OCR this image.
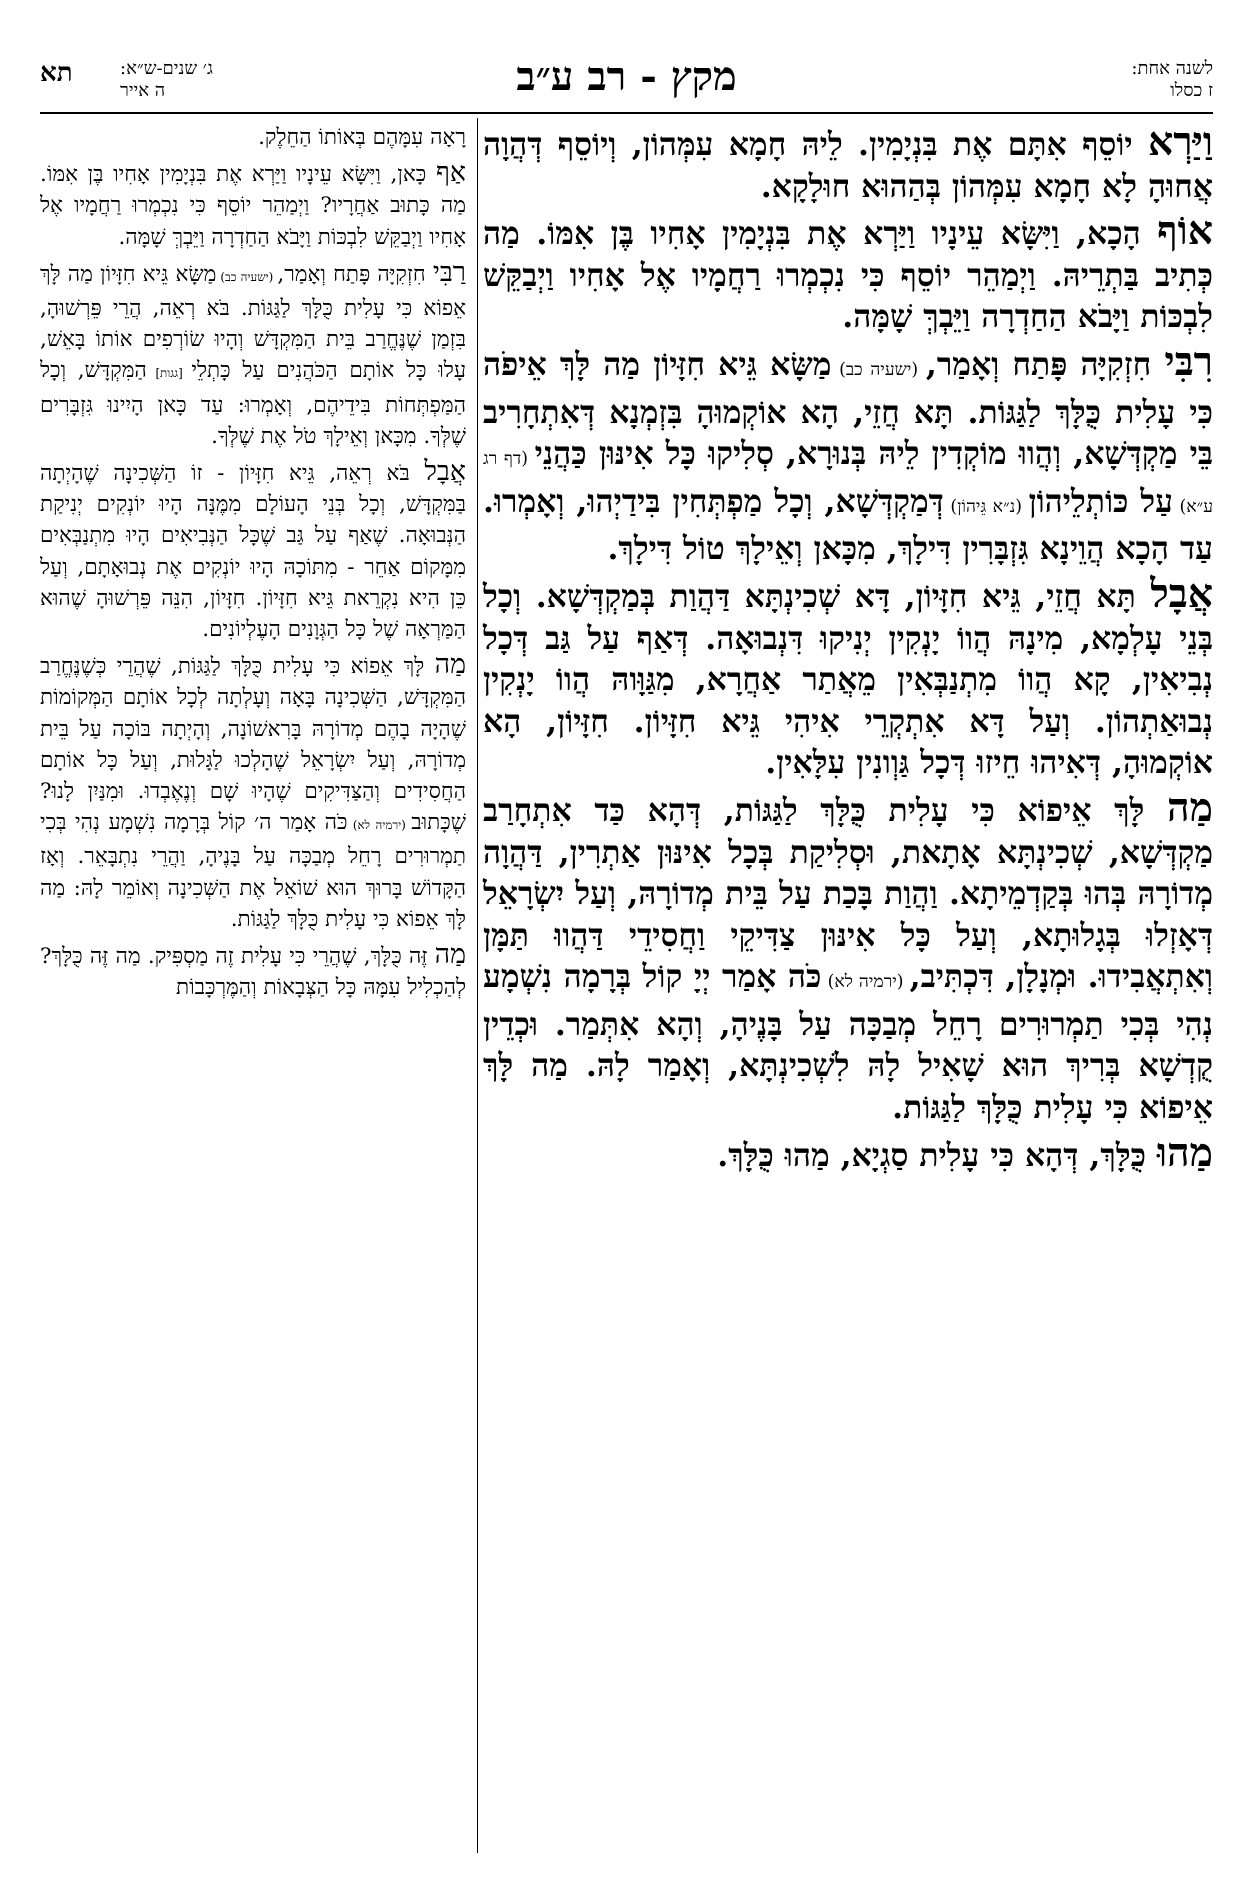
לשנה אחת:
ז כסלו
מקץ - רב ע״ב
ג׳ שנים-ש״א:
ה אייר
תא

וַיַּרְא יוֹסֵף אִתָּם אֶת בִּנְיָמִין. לֵיהּ חָמָא עִמְּהוֹן, וְיוֹסֵף דְּהֲוָה אֲחוּהָ לָא חָמָא עִמְּהוֹן בְּהַהוּא חוּלָקָא.

אוֹף הָכָא, וַיִּשָּׂא עֵינָיו וַיַּרְא אֶת בִּנְיָמִין אָחִיו בֶּן אִמּוֹ. מַה כְּתִיב בַּתְרֵיהּ. וַיְמַהֵר יוֹסֵף כִּי נִכְמְרוּ רַחֲמָיו אֶל אָחִיו וַיְבַקֵּשׁ לִבְכּוֹת וַיָּבֹא הַחַדְרָה וַיֵּבְךְּ שָׁמָּה.

רִבִּי חִזְקִיָּה פָּתַח וְאָמַר, (ישעיה כב) מַשָּׂא גֵּיא חִזָּיוֹן מַה לָּךְ אֵיפֹה כִּי עָלִית כֻּלָּךְ לַגַּגּוֹת. תָּא חֲזֵי, הָא אוֹקְמוּהָ בִּזְמְנָא דְּאִתְחָרִיב בֵּי מַקְדְּשָׁא, וְהֲווּ מוֹקְדִין לֵיהּ בְּנוּרָא, סְלִיקוּ כָּל אִינּוּן כַּהֲנֵי (דף רג ע״א) עַל כּוֹתְלֵיהוֹן (נ״א גֵּיהוֹן) דְּמַקְדְּשָׁא, וְכָל מַפְתְּחִין בִּידַיְהוּ, וְאָמְרוּ. עַד הָכָא הֲוֵינָא גִּזְבָּרִין דִּילָךְ, מִכָּאן וְאֵילָךְ טוֹל דִּילָךְ.

אֲבָל תָּא חֲזֵי, גֵּיא חִזָּיוֹן, דָּא שְׁכִינְתָּא דַּהֲוַת בְּמַקְדְּשָׁא. וְכָל בְּנֵי עָלְמָא, מִינָהּ הֲווֹ יָנְקִין יְנִיקוּ דִּנְבוּאָה. דְּאַף עַל גַּב דְּכָל נְבִיאִין, קָא הֲווֹ מִתְנַבְּאִין מֵאֲתַר אַחֲרָא, מִגַּוָּוהּ הֲווֹ יָנְקִין נְבוּאַתְהוֹן. וְעַל דָּא אִתְקְרֵי אִיהִי גֵּיא חִזָּיוֹן. חִזָּיוֹן, הָא אוֹקְמוּהָ, דְּאִיהוּ חֵיזוּ דְּכָל גַּוְונִין עִלָּאִין.

מַה לָּךְ אֵיפוֹא כִּי עָלִית כֻּלָּךְ לַגַּגּוֹת, דְּהָא כַּד אִתְחָרַב מַקְדְּשָׁא, שְׁכִינְתָּא אָתָאת, וּסְלִיקַת בְּכָל אִינּוּן אַתְרִין, דַּהֲוָה מְדוֹרָהּ בְּהוּ בְּקַדְמֵיתָא. וַהֲוַת בָּכַת עַל בֵּית מְדוֹרָהּ, וְעַל יִשְׂרָאֵל דְּאָזְלוּ בְּגָלוּתָא, וְעַל כָּל אִינּוּן צַדִּיקֵי וַחֲסִידֵי דַּהֲווּ תַּמָּן וְאִתְאֲבִידוּ. וּמְנָלָן, דִּכְתִּיב, (ירמיה לא) כֹּה אָמַר יְיָ קוֹל בְּרָמָה נִשְׁמָע נְהִי בְּכִי תַמְרוּרִים רָחֵל מְבַכָּה עַל בָּנֶיהָ, וְהָא אִתְּמַר. וּכְדֵין קֻדְשָׁא בְּרִיךְ הוּא שָׁאִיל לָהּ לִשְׁכִינְתָּא, וְאָמַר לָהּ. מַה לָּךְ אֵיפוֹא כִּי עָלִית כֻּלָּךְ לַגַּגּוֹת.

מַהוּ כֻּלָּךְ, דְּהָא כִּי עָלִית סַגְיָא, מַהוּ כֻּלָּךְ.

רָאָה עִמָּהֶם בְּאוֹתוֹ הַחֵלֶק.

אַף כָּאן, וַיִּשָּׂא עֵינָיו וַיַּרְא אֶת בִּנְיָמִין אָחִיו בֶּן אִמּוֹ. מַה כָּתוּב אַחֲרָיו? וַיְמַהֵר יוֹסֵף כִּי נִכְמְרוּ רַחֲמָיו אֶל אָחִיו וַיְבַקֵּשׁ לִבְכּוֹת וַיָּבֹא הַחַדְרָה וַיֵּבְךְּ שָׁמָּה.

רַבִּי חִזְקִיָּה פָּתַח וְאָמַר, (ישעיה כב) מַשָּׂא גֵּיא חִזָּיוֹן מַה לָּךְ אֵפוֹא כִּי עָלִית כֻּלָּךְ לַגַּגּוֹת. בֹּא רְאֵה, הֲרֵי פֵּרְשׁוּהָ, בִּזְמַן שֶׁנֶּחֱרַב בֵּית הַמִּקְדָּשׁ וְהָיוּ שׂוֹרְפִים אוֹתוֹ בָּאֵשׁ, עָלוּ כָּל אוֹתָם הַכֹּהֲנִים עַל כָּתְלֵי [גגות] הַמִּקְדָּשׁ, וְכָל הַמַּפְתְּחוֹת בִּידֵיהֶם, וְאָמְרוּ: עַד כָּאן הָיִינוּ גִּזְבָּרִים שֶׁלְּךָ. מִכָּאן וְאֵילָךְ טֹל אֶת שֶׁלְּךָ.

אֲבָל בֹּא רְאֵה, גֵּיא חִזָּיוֹן - זוֹ הַשְּׁכִינָה שֶׁהָיְתָה בַּמִּקְדָּשׁ, וְכָל בְּנֵי הָעוֹלָם מִמֶּנָּה הָיוּ יוֹנְקִים יְנִיקַת הַנְּבוּאָה. שֶׁאַף עַל גַּב שֶׁכָּל הַנְּבִיאִים הָיוּ מִתְנַבְּאִים מִמָּקוֹם אַחֵר - מִתּוֹכָהּ הָיוּ יוֹנְקִים אֶת נְבוּאָתָם, וְעַל כֵּן הִיא נִקְרֵאת גֵּיא חִזָּיוֹן. חִזָּיוֹן, הִנֵּה פֵּרְשׁוּהָ שֶׁהוּא הַמַּרְאָה שֶׁל כָּל הַגְּוָנִים הָעֶלְיוֹנִים.

מַה לָּךְ אֵפוֹא כִּי עָלִית כֻּלָּךְ לַגַּגּוֹת, שֶׁהֲרֵי כְּשֶׁנֶּחֱרַב הַמִּקְדָּשׁ, הַשְּׁכִינָה בָּאָה וְעָלְתָה לְכָל אוֹתָם הַמְּקוֹמוֹת שֶׁהָיָה בָהֶם מְדוֹרָהּ בָּרִאשׁוֹנָה, וְהָיְתָה בּוֹכָה עַל בֵּית מְדוֹרָהּ, וְעַל יִשְׂרָאֵל שֶׁהָלְכוּ לַגָּלוּת, וְעַל כָּל אוֹתָם הַחֲסִידִים וְהַצַּדִּיקִים שֶׁהָיוּ שָׁם וְנֶאֶבְדוּ. וּמִנַּיִן לָנוּ? שֶׁכָּתוּב (ירמיה לא) כֹּה אָמַר ה׳ קוֹל בְּרָמָה נִשְׁמָע נְהִי בְּכִי תַמְרוּרִים רָחֵל מְבַכָּה עַל בָּנֶיהָ, וַהֲרֵי נִתְבָּאֵר. וְאָז הַקָּדוֹשׁ בָּרוּךְ הוּא שׁוֹאֵל אֶת הַשְּׁכִינָה וְאוֹמֵר לָהּ: מַה לָּךְ אֵפוֹא כִּי עָלִית כֻּלָּךְ לַגַּגּוֹת.

מַה זֶּה כֻּלָּךְ, שֶׁהֲרֵי כִּי עָלִית זֶה מַסְפִּיק. מַה זֶּה כֻּלָּךְ? לְהַכְלִיל עִמָּהּ כָּל הַצְּבָאוֹת וְהַמֶּרְכָּבוֹת
